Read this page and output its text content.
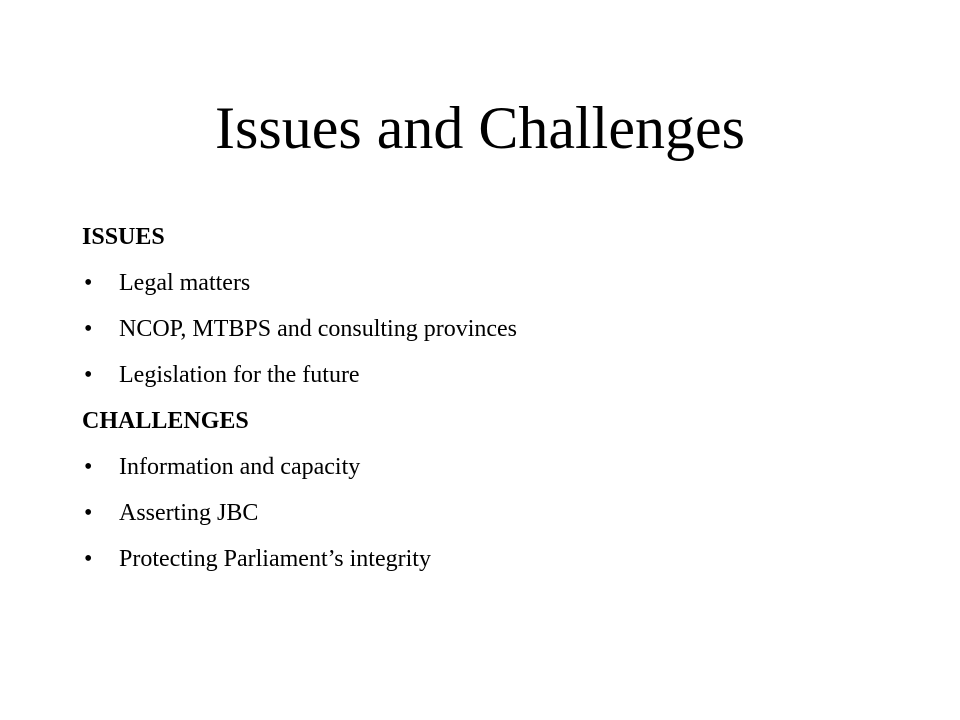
Issues and Challenges
ISSUES
• Legal matters
• NCOP, MTBPS and consulting provinces
• Legislation for the future
CHALLENGES
• Information and capacity
• Asserting JBC
• Protecting Parliament’s integrity
